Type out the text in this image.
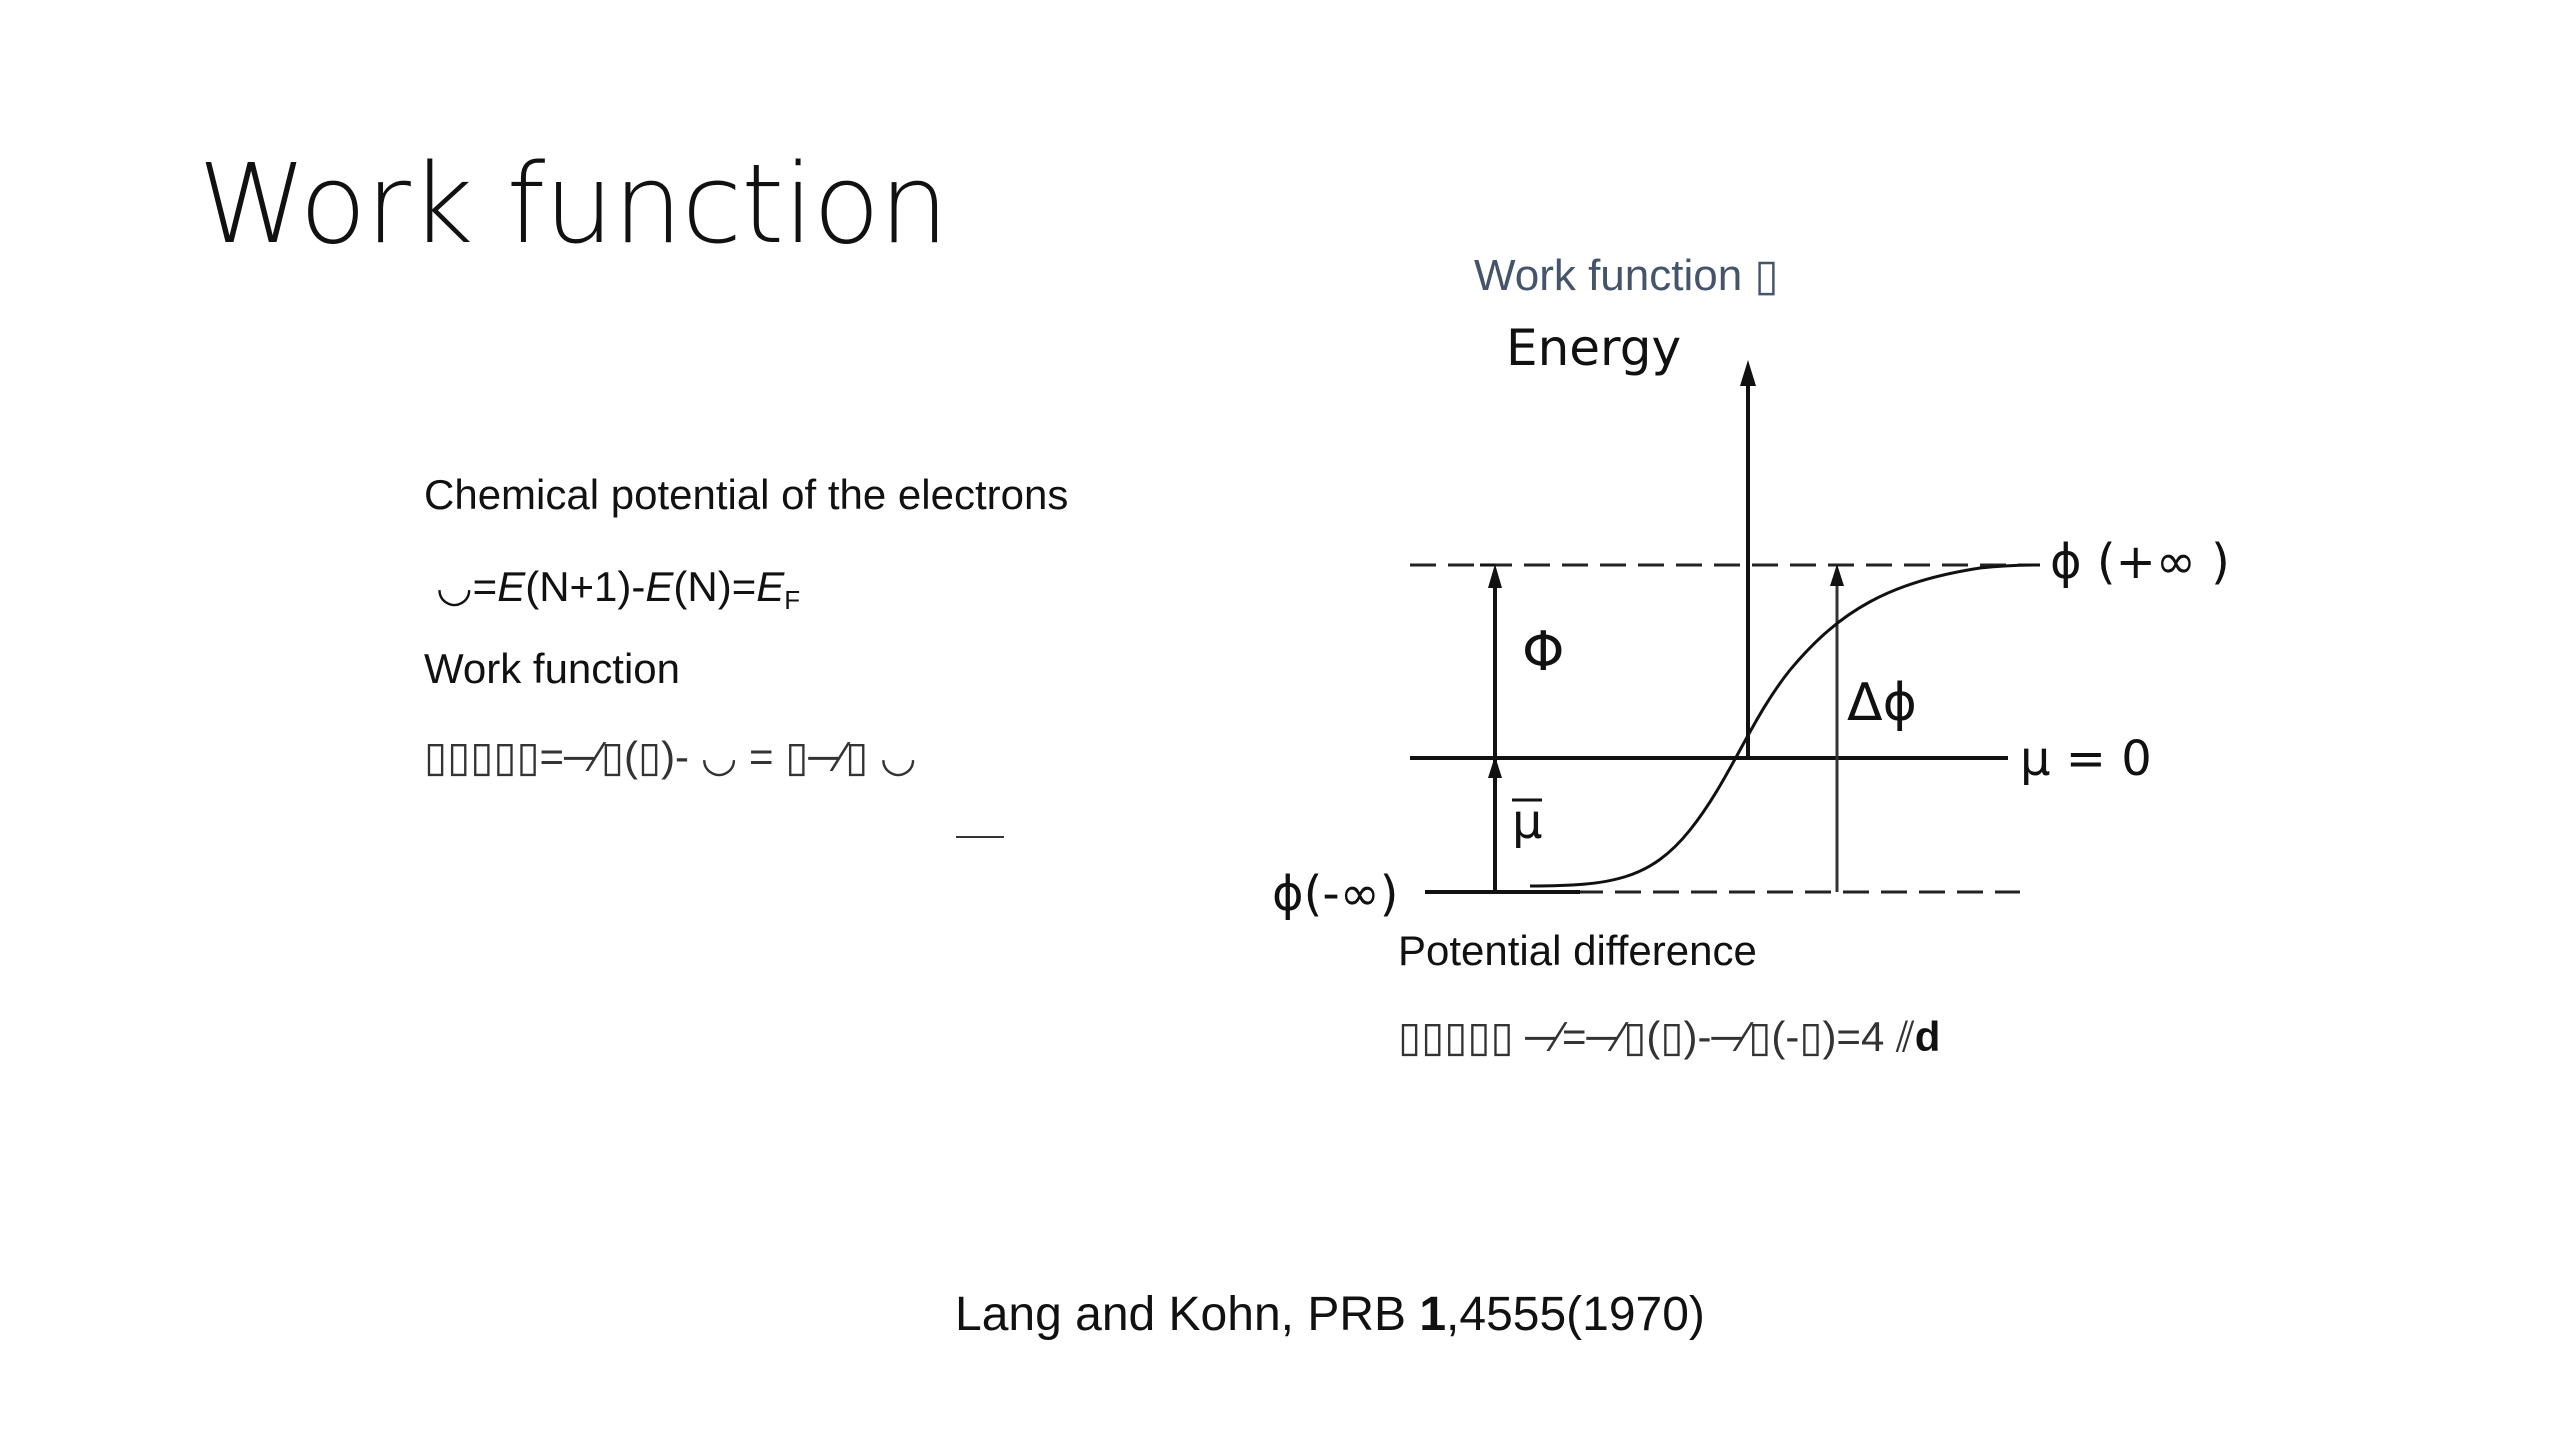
Work function
Work function ▯
Chemical potential of the electrons
$◡=E(N+1)-E(N)=E_F$
Work function
▯▯▯▯▯=─∕▯(▯)- ◡ = ▯─∕▯ ◡
Energy
ϕ (+∞ )
Φ
Δϕ
μ = 0
μ
ϕ(-∞)
Potential difference
▯▯▯▯▯ ─∕=─∕▯(▯)-─∕▯(-▯)=4 ⫽d
Lang and Kohn, PRB 1,4555(1970)
